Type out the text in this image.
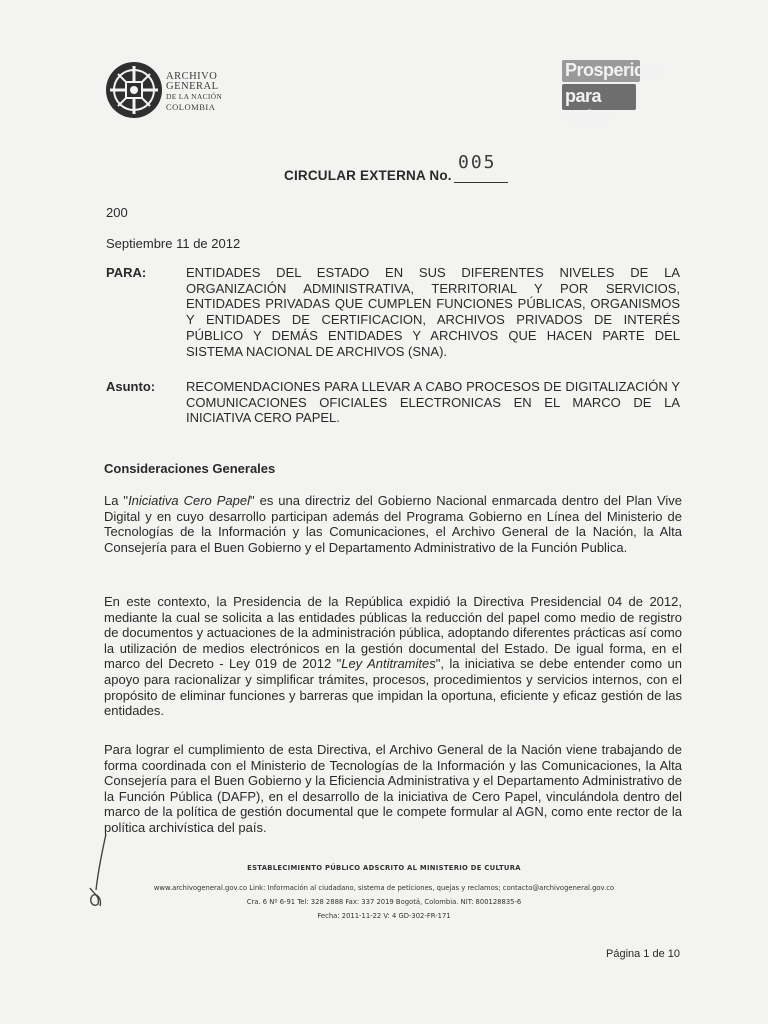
ARCHIVO
GENERAL
DE LA NACIÓN
COLOMBIA
Prosperidad
para todos
CIRCULAR EXTERNA No.
005
200
Septiembre 11 de 2012
PARA:	ENTIDADES DEL ESTADO EN SUS DIFERENTES NIVELES DE LA ORGANIZACIÓN ADMINISTRATIVA, TERRITORIAL Y POR SERVICIOS, ENTIDADES PRIVADAS QUE CUMPLEN FUNCIONES PÚBLICAS, ORGANISMOS Y ENTIDADES DE CERTIFICACION, ARCHIVOS PRIVADOS DE INTERÉS PÚBLICO Y DEMÁS ENTIDADES Y ARCHIVOS QUE HACEN PARTE DEL SISTEMA NACIONAL DE ARCHIVOS (SNA).
Asunto: RECOMENDACIONES PARA LLEVAR A CABO PROCESOS DE DIGITALIZACIÓN Y COMUNICACIONES OFICIALES ELECTRONICAS EN EL MARCO DE LA INICIATIVA CERO PAPEL.
Consideraciones Generales
La "Iniciativa Cero Papel" es una directriz del Gobierno Nacional enmarcada dentro del Plan Vive Digital y en cuyo desarrollo participan además del Programa Gobierno en Línea del Ministerio de Tecnologías de la Información y las Comunicaciones, el Archivo General de la Nación, la Alta Consejería para el Buen Gobierno y el Departamento Administrativo de la Función Publica.
En este contexto, la Presidencia de la República expidió la Directiva Presidencial 04 de 2012, mediante la cual se solicita a las entidades públicas la reducción del papel como medio de registro de documentos y actuaciones de la administración pública, adoptando diferentes prácticas así como la utilización de medios electrónicos en la gestión documental del Estado. De igual forma, en el marco del Decreto - Ley 019 de 2012 "Ley Antitramites", la iniciativa se debe entender como un apoyo para racionalizar y simplificar trámites, procesos, procedimientos y servicios internos, con el propósito de eliminar funciones y barreras que impidan la oportuna, eficiente y eficaz gestión de las entidades.
Para lograr el cumplimiento de esta Directiva, el Archivo General de la Nación viene trabajando de forma coordinada con el Ministerio de Tecnologías de la Información y las Comunicaciones, la Alta Consejería para el Buen Gobierno y la Eficiencia Administrativa y el Departamento Administrativo de la Función Pública (DAFP), en el desarrollo de la iniciativa de Cero Papel, vinculándola dentro del marco de la política de gestión documental que le compete formular al AGN, como ente rector de la política archivística del país.
ESTABLECIMIENTO PÚBLICO ADSCRITO AL MINISTERIO DE CULTURA
www.archivogeneral.gov.co Link: Información al ciudadano, sistema de peticiones, quejas y reclamos; contacto@archivogeneral.gov.co
Cra. 6 Nº 6-91 Tel: 328 2888 Fax: 337 2019 Bogotá, Colombia. NIT: 800128835-6
Fecha: 2011-11-22 V: 4 GD-302-FR-171
Página 1 de 10
